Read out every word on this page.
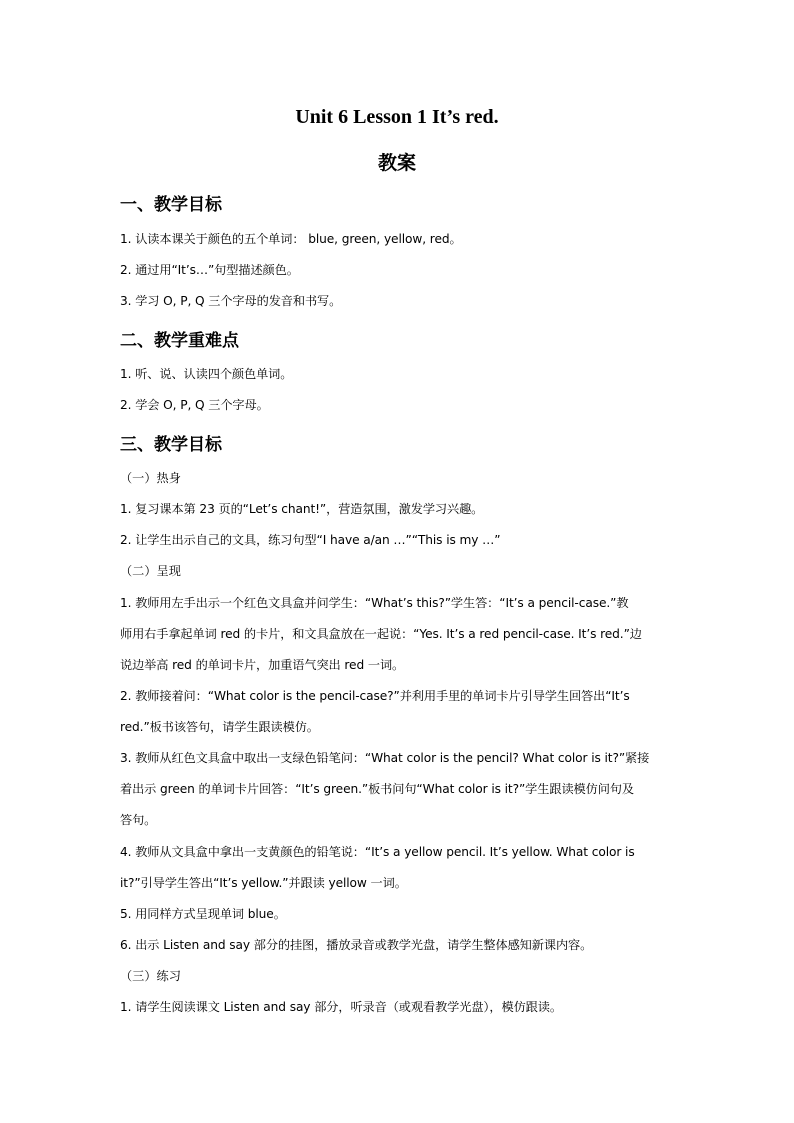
Unit 6 Lesson 1 It’s red.
教案
一、教学目标
1. 认读本课关于颜色的五个单词： blue, green, yellow, red。
2. 通过用“It’s…”句型描述颜色。
3. 学习 O, P, Q 三个字母的发音和书写。
二、教学重难点
1. 听、说、认读四个颜色单词。
2. 学会 O, P, Q 三个字母。
三、教学目标
（一）热身
1. 复习课本第 23 页的“Let’s chant!”，营造氛围，激发学习兴趣。
2. 让学生出示自己的文具，练习句型“I have a/an …”“This is my …”
（二）呈现
1. 教师用左手出示一个红色文具盒并问学生：“What’s this?”学生答：“It’s a pencil-case.”教
师用右手拿起单词 red 的卡片，和文具盒放在一起说：“Yes. It’s a red pencil-case. It’s red.”边
说边举高 red 的单词卡片，加重语气突出 red 一词。
2. 教师接着问：“What color is the pencil-case?”并利用手里的单词卡片引导学生回答出“It’s
red.”板书该答句，请学生跟读模仿。
3. 教师从红色文具盒中取出一支绿色铅笔问：“What color is the pencil? What color is it?”紧接
着出示 green 的单词卡片回答：“It’s green.”板书问句“What color is it?”学生跟读模仿问句及
答句。
4. 教师从文具盒中拿出一支黄颜色的铅笔说：“It’s a yellow pencil. It’s yellow. What color is
it?”引导学生答出“It’s yellow.”并跟读 yellow 一词。
5. 用同样方式呈现单词 blue。
6. 出示 Listen and say 部分的挂图，播放录音或教学光盘，请学生整体感知新课内容。
（三）练习
1. 请学生阅读课文 Listen and say 部分，听录音（或观看教学光盘），模仿跟读。
